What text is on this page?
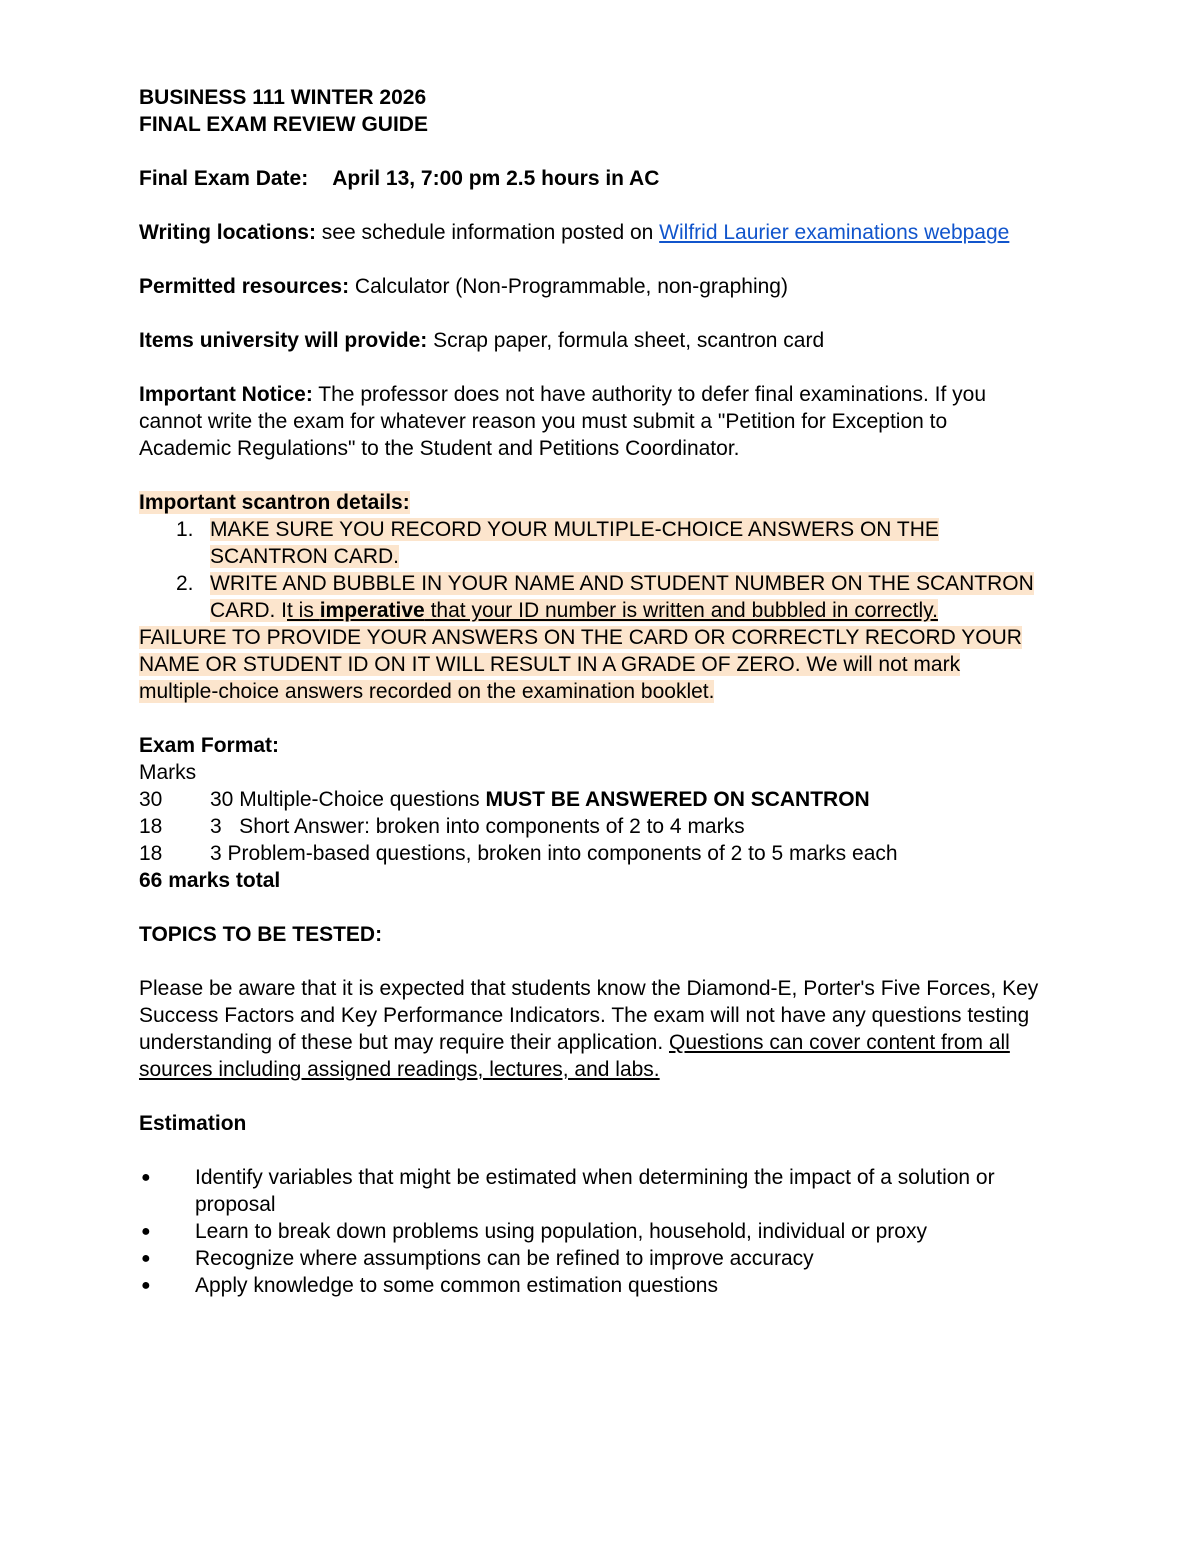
BUSINESS 111 WINTER 2026

FINAL EXAM REVIEW GUIDE

Final Exam Date: April 13, 7:00 pm 2.5 hours in AC

Writing locations: see schedule information posted on Wilfrid Laurier examinations webpage

Permitted resources: Calculator (Non-Programmable, non-graphing)

Items university will provide: Scrap paper, formula sheet, scantron card

Important Notice: The professor does not have authority to defer final examinations. If you cannot write the exam for whatever reason you must submit a "Petition for Exception to Academic Regulations" to the Student and Petitions Coordinator.

Important scantron details:

1. MAKE SURE YOU RECORD YOUR MULTIPLE-CHOICE ANSWERS ON THE SCANTRON CARD.
2. WRITE AND BUBBLE IN YOUR NAME AND STUDENT NUMBER ON THE SCANTRON CARD. It is imperative that your ID number is written and bubbled in correctly.

FAILURE TO PROVIDE YOUR ANSWERS ON THE CARD OR CORRECTLY RECORD YOUR NAME OR STUDENT ID ON IT WILL RESULT IN A GRADE OF ZERO. We will not mark multiple-choice answers recorded on the examination booklet.

Exam Format:

Marks

30	30 Multiple-Choice questions MUST BE ANSWERED ON SCANTRON
18	3   Short Answer: broken into components of 2 to 4 marks
18	3 Problem-based questions, broken into components of 2 to 5 marks each

66 marks total

TOPICS TO BE TESTED:

Please be aware that it is expected that students know the Diamond-E, Porter's Five Forces, Key Success Factors and Key Performance Indicators. The exam will not have any questions testing understanding of these but may require their application. Questions can cover content from all sources including assigned readings, lectures, and labs.

Estimation

● Identify variables that might be estimated when determining the impact of a solution or proposal
● Learn to break down problems using population, household, individual or proxy
● Recognize where assumptions can be refined to improve accuracy
● Apply knowledge to some common estimation questions
